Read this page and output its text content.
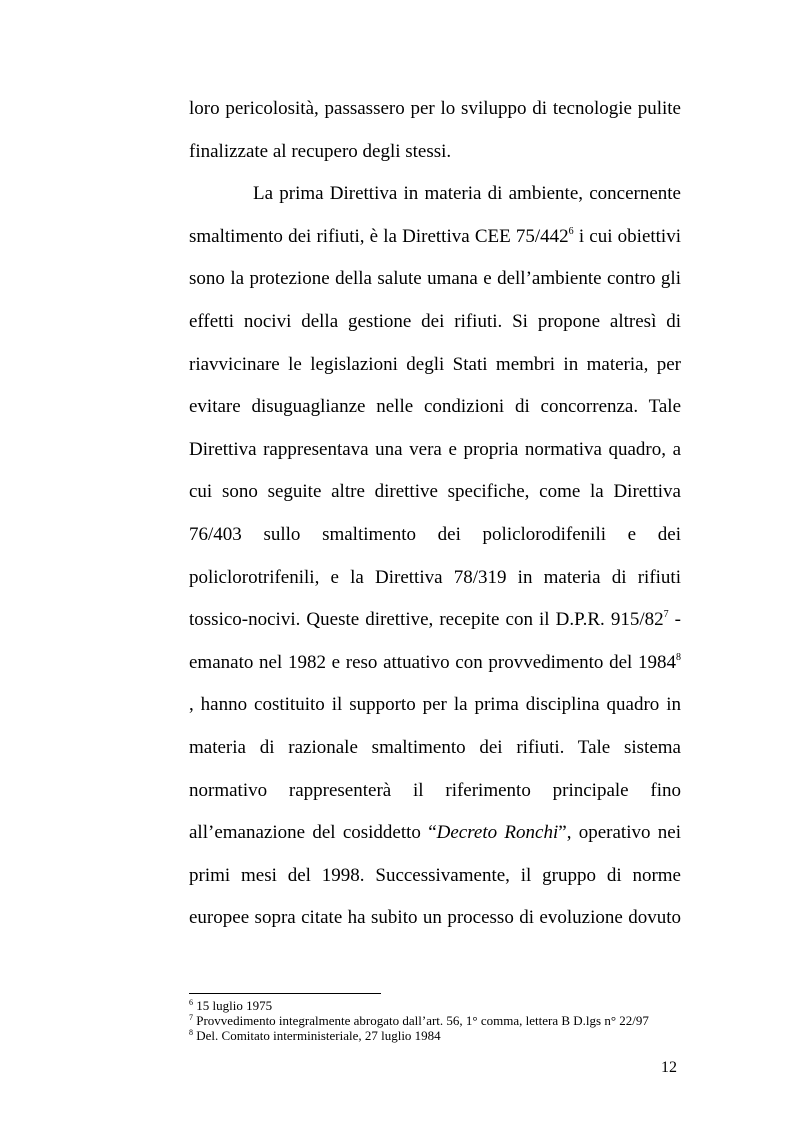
loro pericolosità, passassero per lo sviluppo di tecnologie pulite
finalizzate al recupero degli stessi.
La prima Direttiva in materia di ambiente, concernente
smaltimento dei rifiuti, è la Direttiva CEE $75/442^6$ i cui obiettivi
sono la protezione della salute umana e dell’ambiente contro gli
effetti nocivi della gestione dei rifiuti. Si propone altresì di
riavvicinare le legislazioni degli Stati membri in materia, per
evitare disuguaglianze nelle condizioni di concorrenza. Tale
Direttiva rappresentava una vera e propria normativa quadro, a
cui sono seguite altre direttive specifiche, come la Direttiva
76/403 sullo smaltimento dei policlorodifenili e dei
policlorotrifenili, e la Direttiva 78/319 in materia di rifiuti
tossico-nocivi. Queste direttive, recepite con il D.P.R. $915/82^7$ -
emanato nel 1982 e reso attuativo con provvedimento del 1984$^8$
, hanno costituito il supporto per la prima disciplina quadro in
materia di razionale smaltimento dei rifiuti. Tale sistema
normativo rappresenterà il riferimento principale fino
all’emanazione del cosiddetto “Decreto Ronchi”, operativo nei
primi mesi del 1998. Successivamente, il gruppo di norme
europee sopra citate ha subito un processo di evoluzione dovuto
$^6$ 15 luglio 1975
$^7$ Provvedimento integralmente abrogato dall’art. 56, 1° comma, lettera B D.lgs n° 22/97
$^8$ Del. Comitato interministeriale, 27 luglio 1984
12
